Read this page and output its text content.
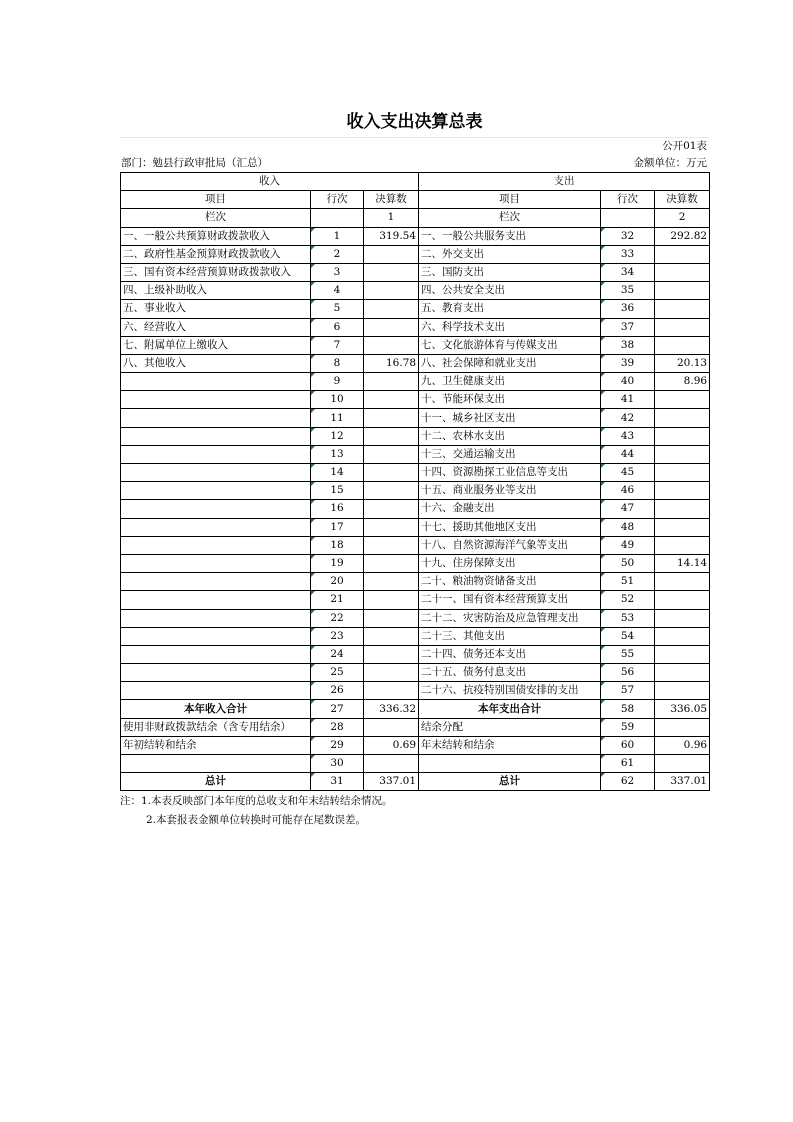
收入支出决算总表
公开01表
部门：勉县行政审批局（汇总）	金额单位：万元
收入			支出		
项目	行次	决算数	项目	行次	决算数
栏次		1	栏次		2
一、一般公共预算财政拨款收入	1	319.54	一、一般公共服务支出	32	292.82
二、政府性基金预算财政拨款收入	2		二、外交支出	33	
三、国有资本经营预算财政拨款收入	3		三、国防支出	34	
四、上级补助收入	4		四、公共安全支出	35	
五、事业收入	5		五、教育支出	36	
六、经营收入	6		六、科学技术支出	37	
七、附属单位上缴收入	7		七、文化旅游体育与传媒支出	38	
八、其他收入	8	16.78	八、社会保障和就业支出	39	20.13
	9		九、卫生健康支出	40	8.96
	10		十、节能环保支出	41	
	11		十一、城乡社区支出	42	
	12		十二、农林水支出	43	
	13		十三、交通运输支出	44	
	14		十四、资源勘探工业信息等支出	45	
	15		十五、商业服务业等支出	46	
	16		十六、金融支出	47	
	17		十七、援助其他地区支出	48	
	18		十八、自然资源海洋气象等支出	49	
	19		十九、住房保障支出	50	14.14
	20		二十、粮油物资储备支出	51	
	21		二十一、国有资本经营预算支出	52	
	22		二十二、灾害防治及应急管理支出	53	
	23		二十三、其他支出	54	
	24		二十四、债务还本支出	55	
	25		二十五、债务付息支出	56	
	26		二十六、抗疫特别国债安排的支出	57	
本年收入合计	27	336.32	本年支出合计	58	336.05
使用非财政拨款结余（含专用结余）	28		结余分配	59	
年初结转和结余	29	0.69	年末结转和结余	60	0.96
	30			61	
总计	31	337.01	总计	62	337.01
注：1.本表反映部门本年度的总收支和年末结转结余情况。
2.本套报表金额单位转换时可能存在尾数误差。
